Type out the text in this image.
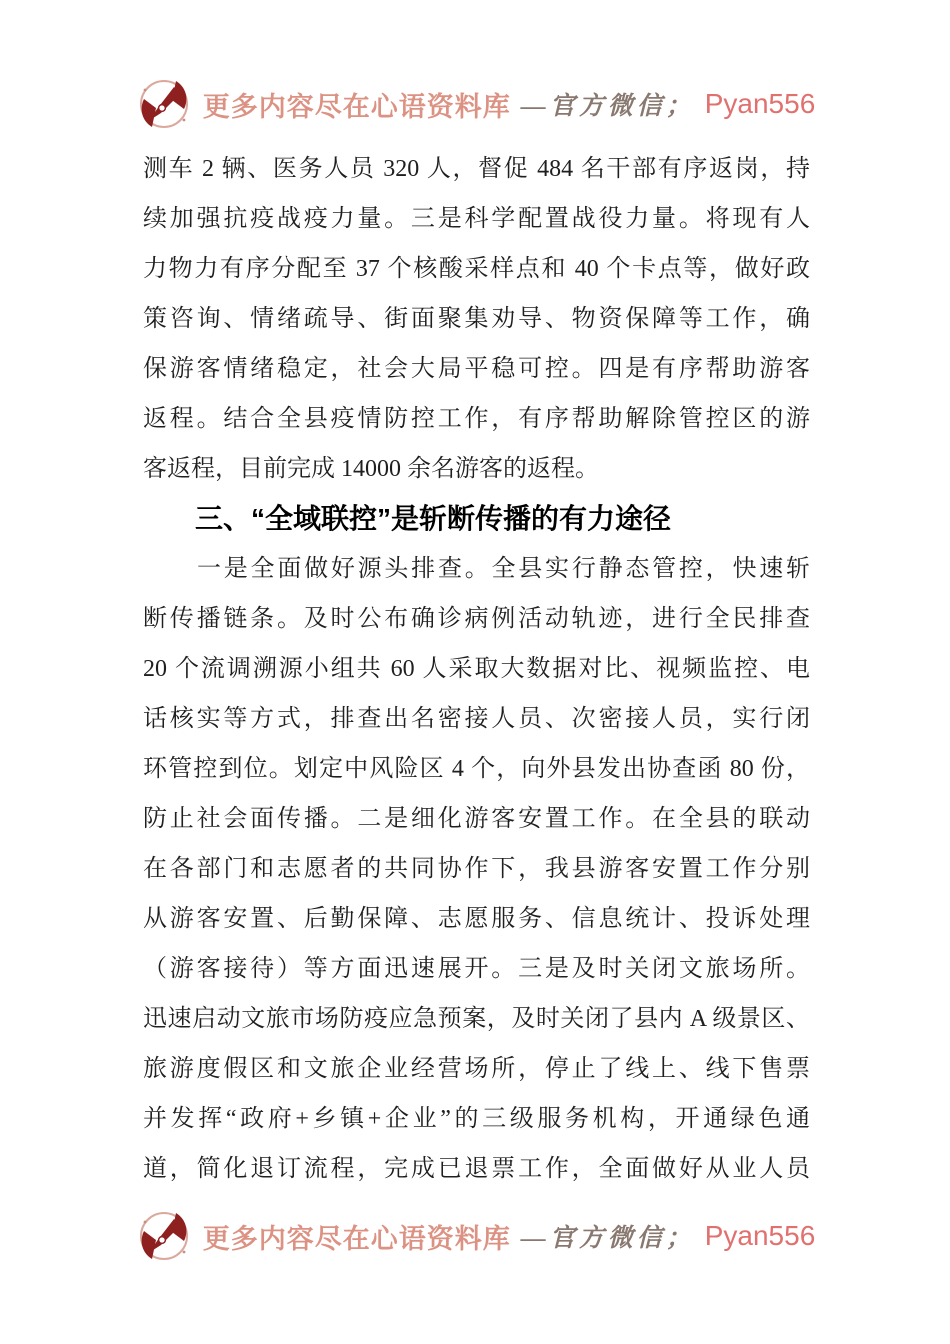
更多内容尽在心语资料库 —官方微信； Pyan556
测车 2 辆、医务人员 320 人，督促 484 名干部有序返岗，持
续加强抗疫战疫力量。三是科学配置战役力量。将现有人
力物力有序分配至 37 个核酸采样点和 40 个卡点等，做好政
策咨询、情绪疏导、街面聚集劝导、物资保障等工作，确
保游客情绪稳定，社会大局平稳可控。四是有序帮助游客
返程。结合全县疫情防控工作，有序帮助解除管控区的游
客返程，目前完成 14000 余名游客的返程。
三、“全域联控”是斩断传播的有力途径
一是全面做好源头排查。全县实行静态管控，快速斩
断传播链条。及时公布确诊病例活动轨迹，进行全民排查
20 个流调溯源小组共 60 人采取大数据对比、视频监控、电
话核实等方式，排查出名密接人员、次密接人员，实行闭
环管控到位。划定中风险区 4 个，向外县发出协查函 80 份，
防止社会面传播。二是细化游客安置工作。在全县的联动
在各部门和志愿者的共同协作下，我县游客安置工作分别
从游客安置、后勤保障、志愿服务、信息统计、投诉处理
（游客接待）等方面迅速展开。三是及时关闭文旅场所。
迅速启动文旅市场防疫应急预案，及时关闭了县内 A 级景区、
旅游度假区和文旅企业经营场所，停止了线上、线下售票
并发挥“政府+乡镇+企业”的三级服务机构，开通绿色通
道，简化退订流程，完成已退票工作，全面做好从业人员
更多内容尽在心语资料库 —官方微信； Pyan556
